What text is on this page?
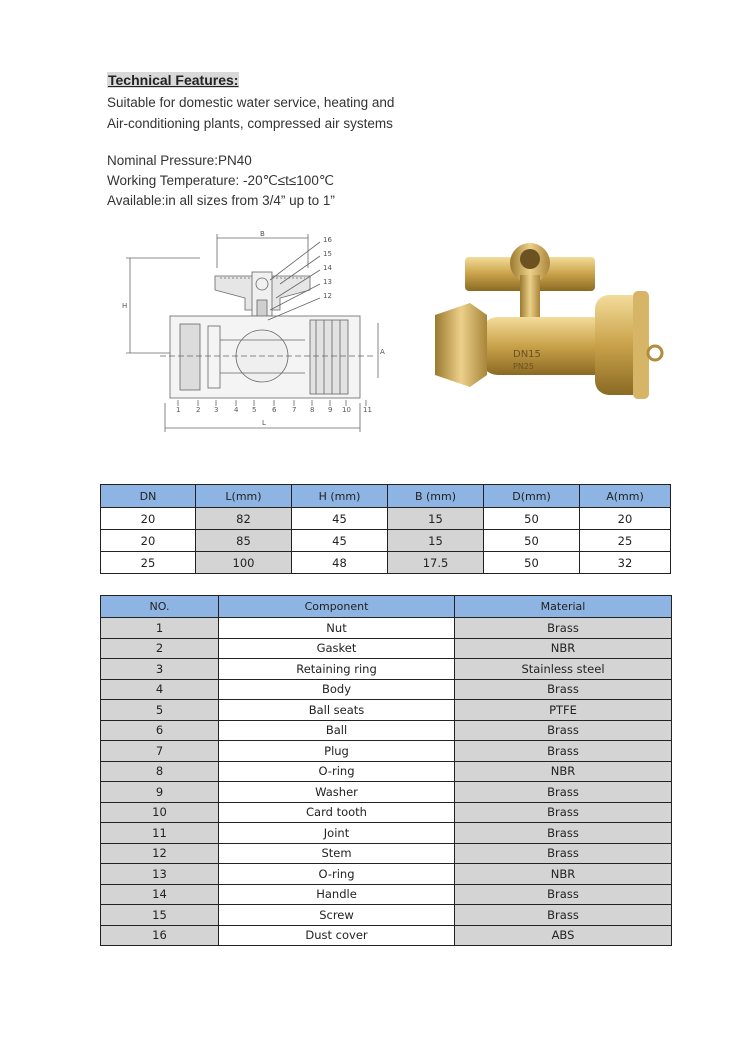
Technical Features:
Suitable for domestic water service, heating and
Air-conditioning plants, compressed air systems
Nominal Pressure:PN40
Working Temperature: -20℃≤t≤100℃
Available:in all sizes from 3/4” up to 1”
B
H
A
L
1 2 3 4 5 6 7 8 9 10 11
16
15
14
13
12
DN15
PN25
DN	L(mm)	H (mm)	B (mm)	D(mm)	A(mm)
20	82	45	15	50	20
20	85	45	15	50	25
25	100	48	17.5	50	32
NO.	Component	Material
1	Nut	Brass
2	Gasket	NBR
3	Retaining ring	Stainless steel
4	Body	Brass
5	Ball seats	PTFE
6	Ball	Brass
7	Plug	Brass
8	O-ring	NBR
9	Washer	Brass
10	Card tooth	Brass
11	Joint	Brass
12	Stem	Brass
13	O-ring	NBR
14	Handle	Brass
15	Screw	Brass
16	Dust cover	ABS
